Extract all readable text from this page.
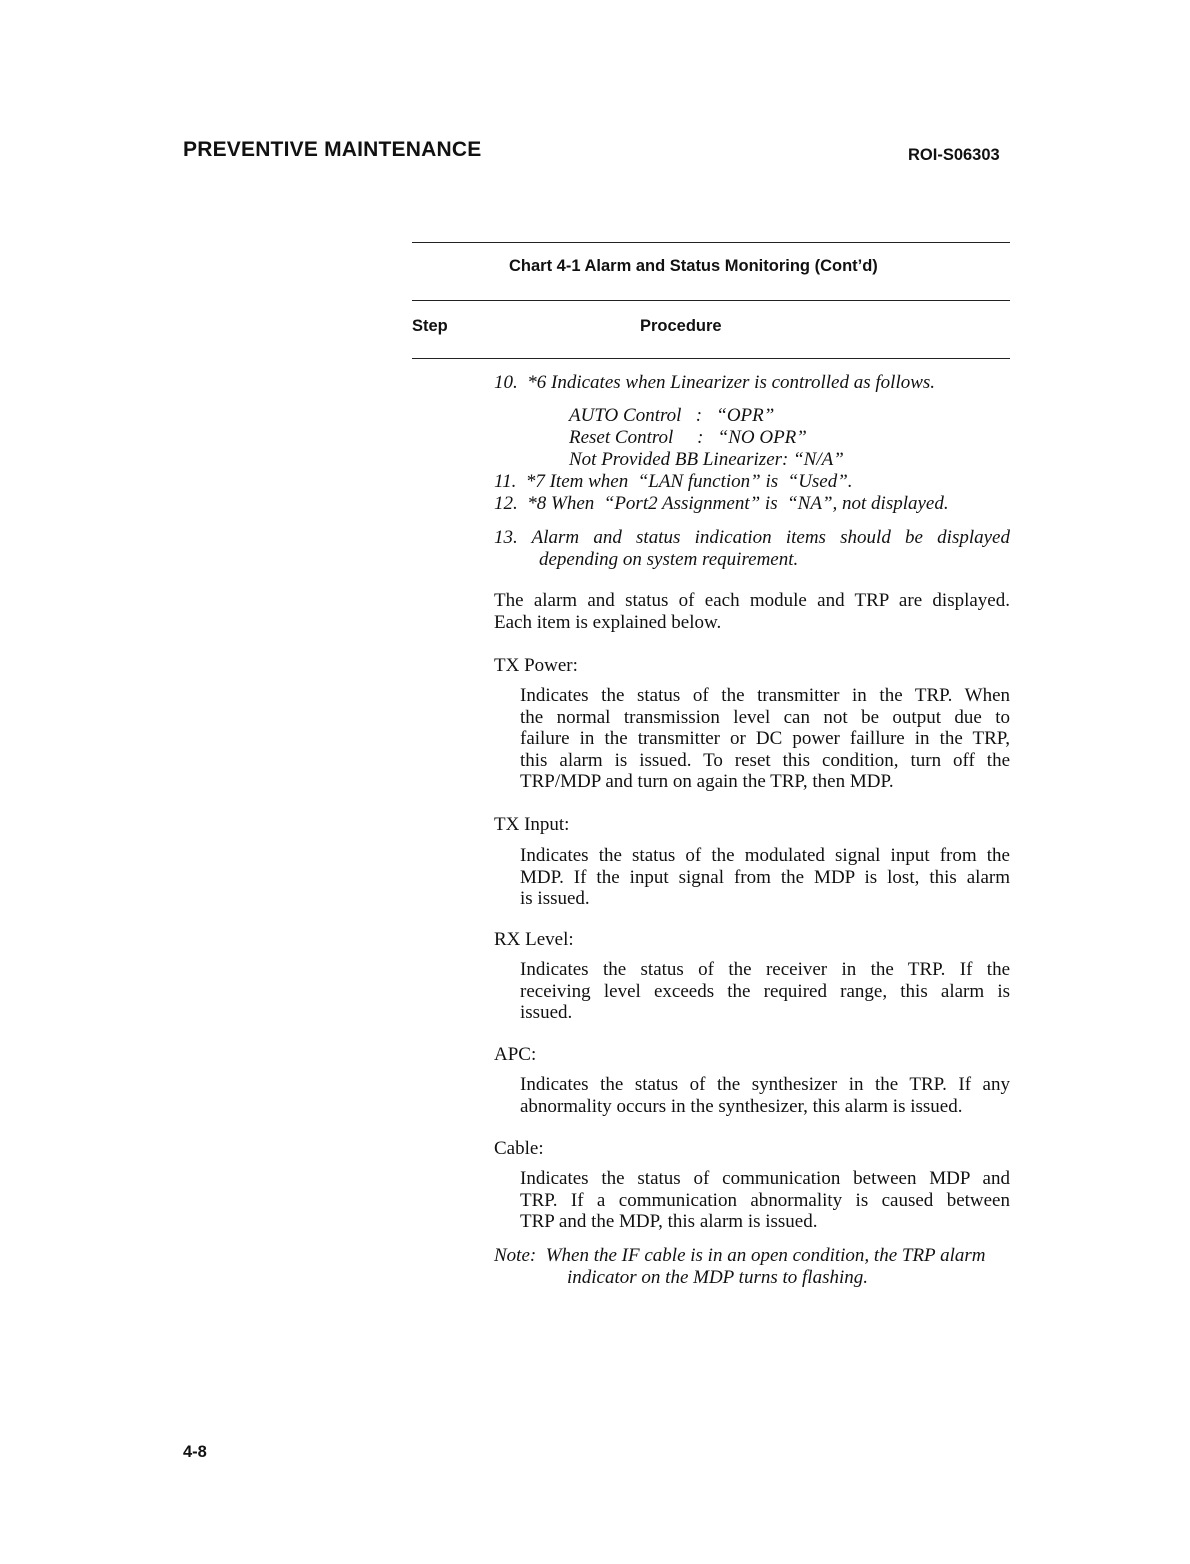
PREVENTIVE MAINTENANCE	ROI-S06303
Chart 4-1 Alarm and Status Monitoring (Cont’d)
Step	Procedure
10.  *6 Indicates when Linearizer is controlled as follows.
AUTO Control   :   “OPR”
Reset Control     :   “NO OPR”
Not Provided BB Linearizer: “N/A”
11.  *7 Item when  “LAN function” is  “Used”.
12.  *8 When  “Port2 Assignment” is  “NA”, not displayed.
13. Alarm and status indication items should be displayed
depending on system requirement.
The alarm and status of each module and TRP are displayed.
Each item is explained below.
TX Power:
Indicates the status of the transmitter in the TRP. When
the normal transmission level can not be output due to
failure in the transmitter or DC power faillure in the TRP,
this alarm is issued. To reset this condition, turn off the
TRP/MDP and turn on again the TRP, then MDP.
TX Input:
Indicates the status of the modulated signal input from the
MDP. If the input signal from the MDP is lost, this alarm
is issued.
RX Level:
Indicates the status of the receiver in the TRP. If the
receiving level exceeds the required range, this alarm is
issued.
APC:
Indicates the status of the synthesizer in the TRP. If any
abnormality occurs in the synthesizer, this alarm is issued.
Cable:
Indicates the status of communication between MDP and
TRP. If a communication abnormality is caused between
TRP and the MDP, this alarm is issued.
Note:  When the IF cable is in an open condition, the TRP alarm
indicator on the MDP turns to flashing.
4-8
